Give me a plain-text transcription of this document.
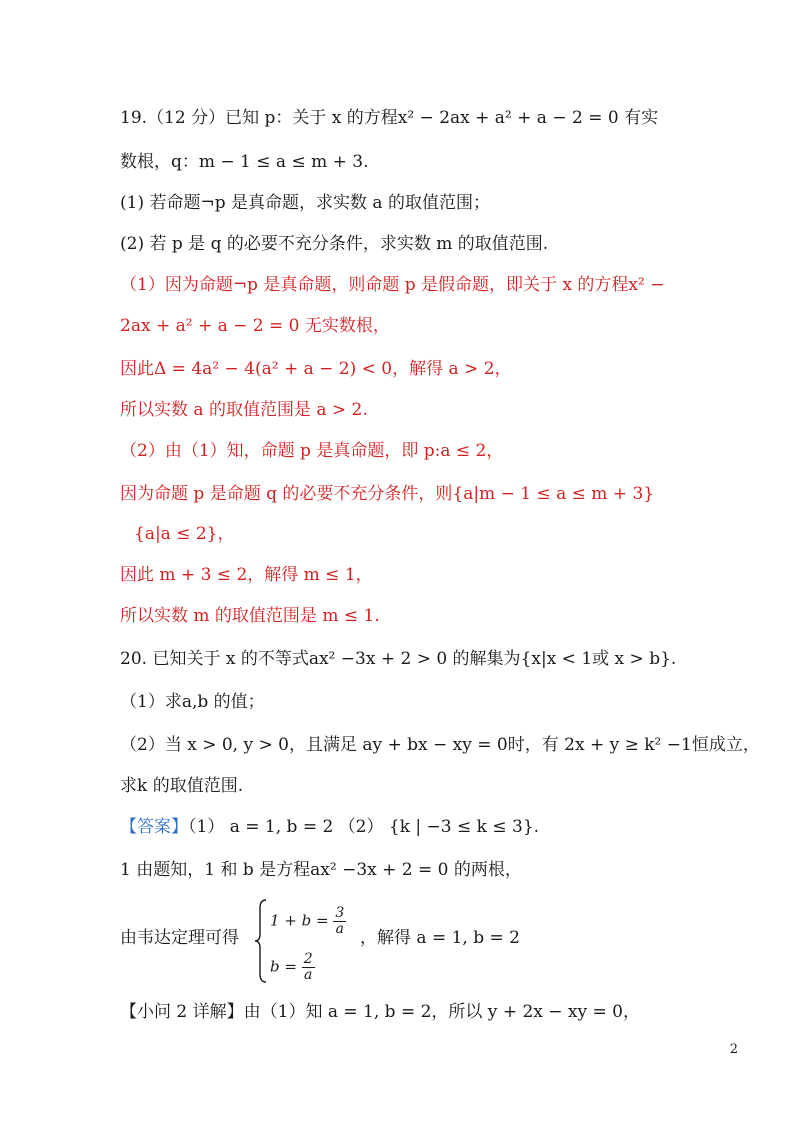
19.（12 分）已知 p：关于 x 的方程x² − 2ax + a² + a − 2 = 0 有实
数根，q：m − 1 ≤ a ≤ m + 3.
(1) 若命题¬p 是真命题，求实数 a 的取值范围；
(2) 若 p 是 q 的必要不充分条件，求实数 m 的取值范围.
（1）因为命题¬p 是真命题，则命题 p 是假命题，即关于 x 的方程x² −
2ax + a² + a − 2 = 0 无实数根，
因此Δ = 4a² − 4(a² + a − 2) < 0，解得 a > 2，
所以实数 a 的取值范围是 a > 2.
（2）由（1）知，命题 p 是真命题，即 p:a ≤ 2，
因为命题 p 是命题 q 的必要不充分条件，则{a|m − 1 ≤ a ≤ m + 3}
{a|a ≤ 2}，
因此 m + 3 ≤ 2，解得 m ≤ 1，
所以实数 m 的取值范围是 m ≤ 1.
20. 已知关于 x 的不等式ax² −3x + 2 > 0 的解集为{x|x < 1或 x > b}.
（1）求a,b 的值；
（2）当 x > 0, y > 0，且满足 ay + bx − xy = 0时，有 2x + y ≥ k² −1恒成立，
求k 的取值范围.
【答案】（1） a = 1, b = 2 （2） {k | −3 ≤ k ≤ 3}.
1 由题知，1 和 b 是方程ax² −3x + 2 = 0 的两根，
由韦达定理可得
$1 + b = \frac{3}{a}$
$b = \frac{2}{a}$
，解得 a = 1, b = 2
【小问 2 详解】由（1）知 a = 1, b = 2，所以 y + 2x − xy = 0，
2
